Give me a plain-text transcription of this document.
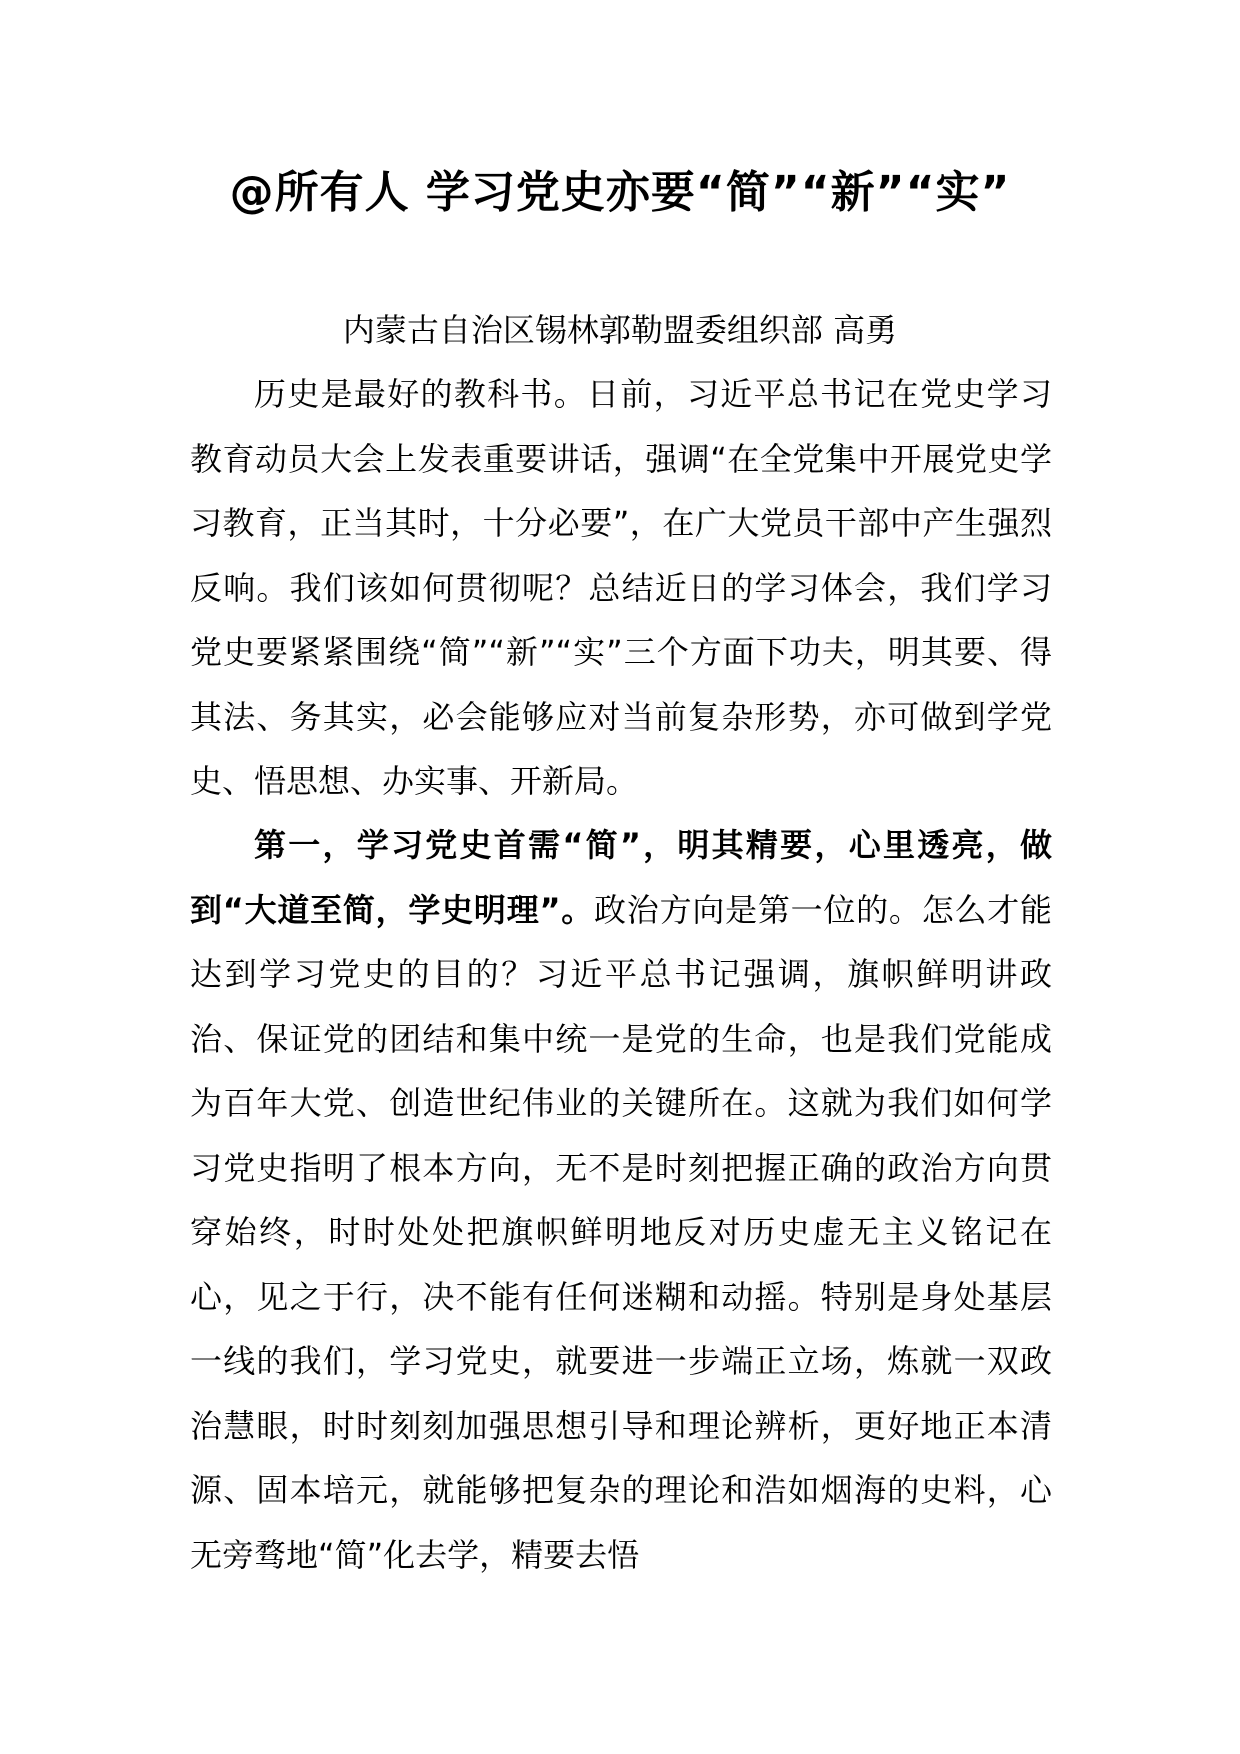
@所有人 学习党史亦要“简”“新”“实”

内蒙古自治区锡林郭勒盟委组织部 高勇

历史是最好的教科书。日前，习近平总书记在党史学习教育动员大会上发表重要讲话，强调“在全党集中开展党史学习教育，正当其时，十分必要”，在广大党员干部中产生强烈反响。我们该如何贯彻呢？总结近日的学习体会，我们学习党史要紧紧围绕“简”“新”“实”三个方面下功夫，明其要、得其法、务其实，必会能够应对当前复杂形势，亦可做到学党史、悟思想、办实事、开新局。

第一，学习党史首需“简”，明其精要，心里透亮，做到“大道至简，学史明理”。政治方向是第一位的。怎么才能达到学习党史的目的？习近平总书记强调，旗帜鲜明讲政治、保证党的团结和集中统一是党的生命，也是我们党能成为百年大党、创造世纪伟业的关键所在。这就为我们如何学习党史指明了根本方向，无不是时刻把握正确的政治方向贯穿始终，时时处处把旗帜鲜明地反对历史虚无主义铭记在心，见之于行，决不能有任何迷糊和动摇。特别是身处基层一线的我们，学习党史，就要进一步端正立场，炼就一双政治慧眼，时时刻刻加强思想引导和理论辨析，更好地正本清源、固本培元，就能够把复杂的理论和浩如烟海的史料，心无旁骛地“简”化去学，精要去悟
